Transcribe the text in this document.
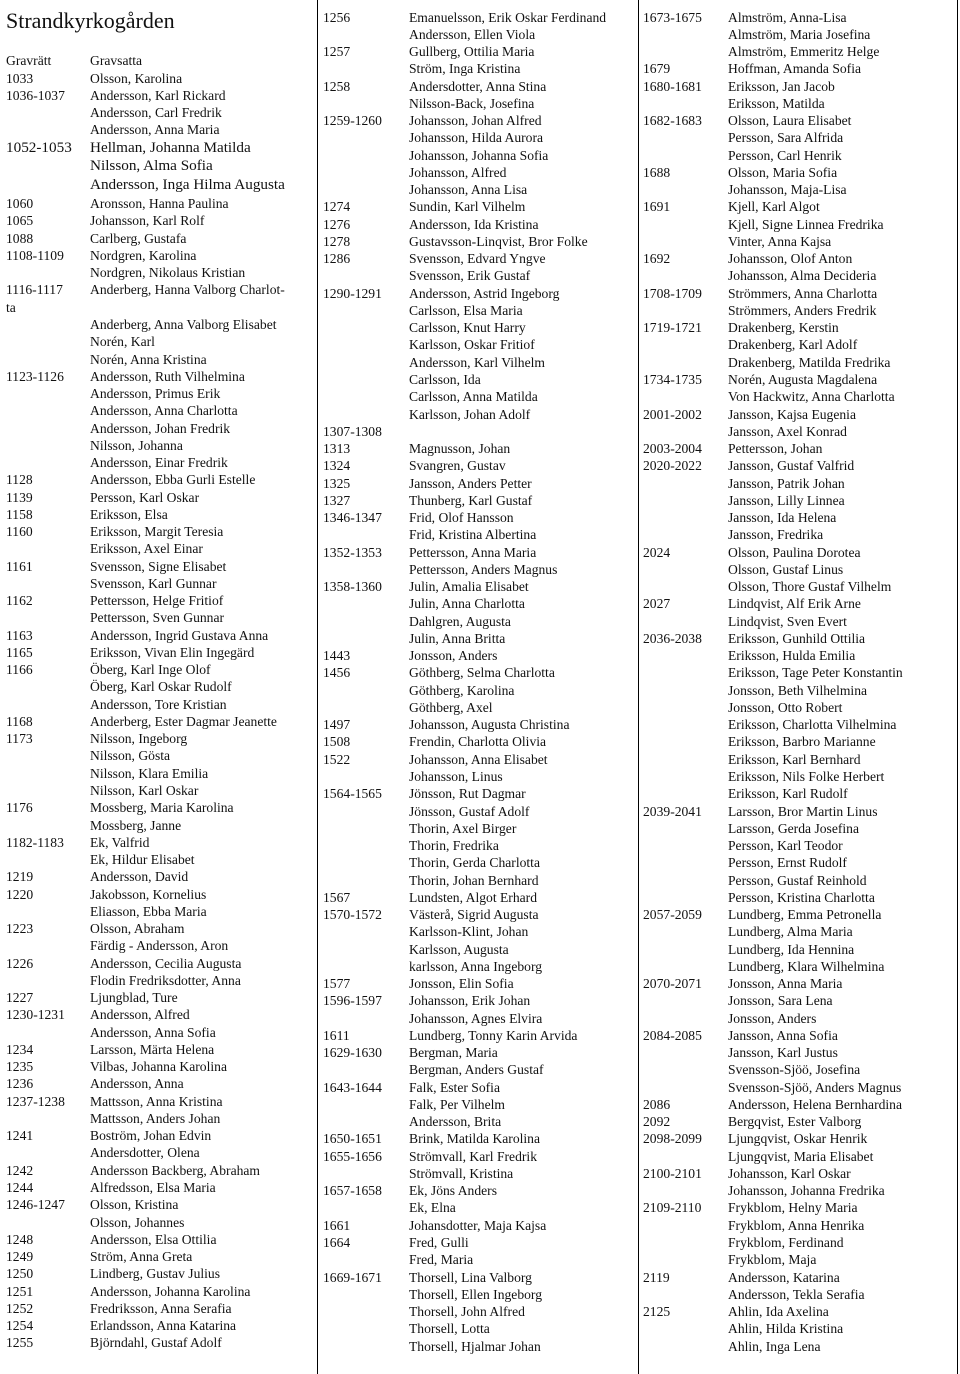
Strandkyrkogården
Gravrätt	Gravsatta
1033	Olsson, Karolina
1036-1037 Andersson, Karl Rickard
Andersson, Carl Fredrik
Andersson, Anna Maria
1052-1053 Hellman, Johanna Matilda
Nilsson, Alma Sofia
Andersson, Inga Hilma Augusta
1060	Aronsson, Hanna Paulina
1065	Johansson, Karl Rolf
1088	Carlberg, Gustafa
1108-1109 Nordgren, Karolina
Nordgren, Nikolaus Kristian
1116-1117 Anderberg, Hanna Valborg Charlot-
ta
Anderberg, Anna Valborg Elisabet
Norén, Karl
Norén, Anna Kristina
1123-1126 Andersson, Ruth Vilhelmina
Andersson, Primus Erik
Andersson, Anna Charlotta
Andersson, Johan Fredrik
Nilsson, Johanna
Andersson, Einar Fredrik
1128	Andersson, Ebba Gurli Estelle
1139	Persson, Karl Oskar
1158	Eriksson, Elsa
1160	Eriksson, Margit Teresia
Eriksson, Axel Einar
1161	Svensson, Signe Elisabet
Svensson, Karl Gunnar
1162	Pettersson, Helge Fritiof
Pettersson, Sven Gunnar
1163	Andersson, Ingrid Gustava Anna
1165	Eriksson, Vivan Elin Ingegärd
1166	Öberg, Karl Inge Olof
Öberg, Karl Oskar Rudolf
Andersson, Tore Kristian
1168	Anderberg, Ester Dagmar Jeanette
1173	Nilsson, Ingeborg
Nilsson, Gösta
Nilsson, Klara Emilia
Nilsson, Karl Oskar
1176	Mossberg, Maria Karolina
Mossberg, Janne
1182-1183 Ek, Valfrid
Ek, Hildur Elisabet
1219	Andersson, David
1220	Jakobsson, Kornelius
Eliasson, Ebba Maria
1223	Olsson, Abraham
Färdig - Andersson, Aron
1226	Andersson, Cecilia Augusta
Flodin Fredriksdotter, Anna
1227	Ljungblad, Ture
1230-1231 Andersson, Alfred
Andersson, Anna Sofia
1234	Larsson, Märta Helena
1235	Vilbas, Johanna Karolina
1236	Andersson, Anna
1237-1238 Mattsson, Anna Kristina
Mattsson, Anders Johan
1241	Boström, Johan Edvin
Andersdotter, Olena
1242	Andersson Backberg, Abraham
1244	Alfredsson, Elsa Maria
1246-1247 Olsson, Kristina
Olsson, Johannes
1248	Andersson, Elsa Ottilia
1249	Ström, Anna Greta
1250	Lindberg, Gustav Julius
1251	Andersson, Johanna Karolina
1252	Fredriksson, Anna Serafia
1254	Erlandsson, Anna Katarina
1255	Björndahl, Gustaf Adolf
1256	Emanuelsson, Erik Oskar Ferdinand
Andersson, Ellen Viola
1257	Gullberg, Ottilia Maria
Ström, Inga Kristina
1258	Andersdotter, Anna Stina
Nilsson-Back, Josefina
1259-1260 Johansson, Johan Alfred
Johansson, Hilda Aurora
Johansson, Johanna Sofia
Johansson, Alfred
Johansson, Anna Lisa
1274	Sundin, Karl Vilhelm
1276	Andersson, Ida Kristina
1278	Gustavsson-Linqvist, Bror Folke
1286	Svensson, Edvard Yngve
Svensson, Erik Gustaf
1290-1291 Andersson, Astrid Ingeborg
Carlsson, Elsa Maria
Carlsson, Knut Harry
Karlsson, Oskar Fritiof
Andersson, Karl Vilhelm
Carlsson, Ida
Carlsson, Anna Matilda
Karlsson, Johan Adolf
1307-1308
1313	Magnusson, Johan
1324	Svangren, Gustav
1325	Jansson, Anders Petter
1327	Thunberg, Karl Gustaf
1346-1347 Frid, Olof Hansson
Frid, Kristina Albertina
1352-1353 Pettersson, Anna Maria
Pettersson, Anders Magnus
1358-1360 Julin, Amalia Elisabet
Julin, Anna Charlotta
Dahlgren, Augusta
Julin, Anna Britta
1443	Jonsson, Anders
1456	Göthberg, Selma Charlotta
Göthberg, Karolina
Göthberg, Axel
1497	Johansson, Augusta Christina
1508	Frendin, Charlotta Olivia
1522	Johansson, Anna Elisabet
Johansson, Linus
1564-1565 Jönsson, Rut Dagmar
Jönsson, Gustaf Adolf
Thorin, Axel Birger
Thorin, Fredrika
Thorin, Gerda Charlotta
Thorin, Johan Bernhard
1567	Lundsten, Algot Erhard
1570-1572 Västerå, Sigrid Augusta
Karlsson-Klint, Johan
Karlsson, Augusta
karlsson, Anna Ingeborg
1577	Jonsson, Elin Sofia
1596-1597 Johansson, Erik Johan
Johansson, Agnes Elvira
1611	Lundberg, Tonny Karin Arvida
1629-1630 Bergman, Maria
Bergman, Anders Gustaf
1643-1644 Falk, Ester Sofia
Falk, Per Vilhelm
Andersson, Brita
1650-1651 Brink, Matilda Karolina
1655-1656 Strömvall, Karl Fredrik
Strömvall, Kristina
1657-1658 Ek, Jöns Anders
Ek, Elna
1661	Johansdotter, Maja Kajsa
1664	Fred, Gulli
Fred, Maria
1669-1671 Thorsell, Lina Valborg
Thorsell, Ellen Ingeborg
Thorsell, John Alfred
Thorsell, Lotta
Thorsell, Hjalmar Johan
1673-1675 Almström, Anna-Lisa
Almström, Maria Josefina
Almström, Emmeritz Helge
1679	Hoffman, Amanda Sofia
1680-1681 Eriksson, Jan Jacob
Eriksson, Matilda
1682-1683 Olsson, Laura Elisabet
Persson, Sara Alfrida
Persson, Carl Henrik
1688	Olsson, Maria Sofia
Johansson, Maja-Lisa
1691	Kjell, Karl Algot
Kjell, Signe Linnea Fredrika
Vinter, Anna Kajsa
1692	Johansson, Olof Anton
Johansson, Alma Decideria
1708-1709 Strömmers, Anna Charlotta
Strömmers, Anders Fredrik
1719-1721 Drakenberg, Kerstin
Drakenberg, Karl Adolf
Drakenberg, Matilda Fredrika
1734-1735 Norén, Augusta Magdalena
Von Hackwitz, Anna Charlotta
2001-2002 Jansson, Kajsa Eugenia
Jansson, Axel Konrad
2003-2004 Pettersson, Johan
2020-2022 Jansson, Gustaf Valfrid
Jansson, Patrik Johan
Jansson, Lilly Linnea
Jansson, Ida Helena
Jansson, Fredrika
2024	Olsson, Paulina Dorotea
Olsson, Gustaf Linus
Olsson, Thore Gustaf Vilhelm
2027	Lindqvist, Alf Erik Arne
Lindqvist, Sven Evert
2036-2038 Eriksson, Gunhild Ottilia
Eriksson, Hulda Emilia
Eriksson, Tage Peter Konstantin
Jonsson, Beth Vilhelmina
Jonsson, Otto Robert
Eriksson, Charlotta Vilhelmina
Eriksson, Barbro Marianne
Eriksson, Karl Bernhard
Eriksson, Nils Folke Herbert
Eriksson, Karl Rudolf
2039-2041 Larsson, Bror Martin Linus
Larsson, Gerda Josefina
Persson, Karl Teodor
Persson, Ernst Rudolf
Persson, Gustaf Reinhold
Persson, Kristina Charlotta
2057-2059 Lundberg, Emma Petronella
Lundberg, Alma Maria
Lundberg, Ida Hennina
Lundberg, Klara Wilhelmina
2070-2071 Jonsson, Anna Maria
Jonsson, Sara Lena
Jonsson, Anders
2084-2085 Jansson, Anna Sofia
Jansson, Karl Justus
Svensson-Sjöö, Josefina
Svensson-Sjöö, Anders Magnus
2086	Andersson, Helena Bernhardina
2092	Bergqvist, Ester Valborg
2098-2099 Ljungqvist, Oskar Henrik
Ljungqvist, Maria Elisabet
2100-2101 Johansson, Karl Oskar
Johansson, Johanna Fredrika
2109-2110 Frykblom, Helny Maria
Frykblom, Anna Henrika
Frykblom, Ferdinand
Frykblom, Maja
2119	Andersson, Katarina
Andersson, Tekla Serafia
2125	Ahlin, Ida Axelina
Ahlin, Hilda Kristina
Ahlin, Inga Lena
